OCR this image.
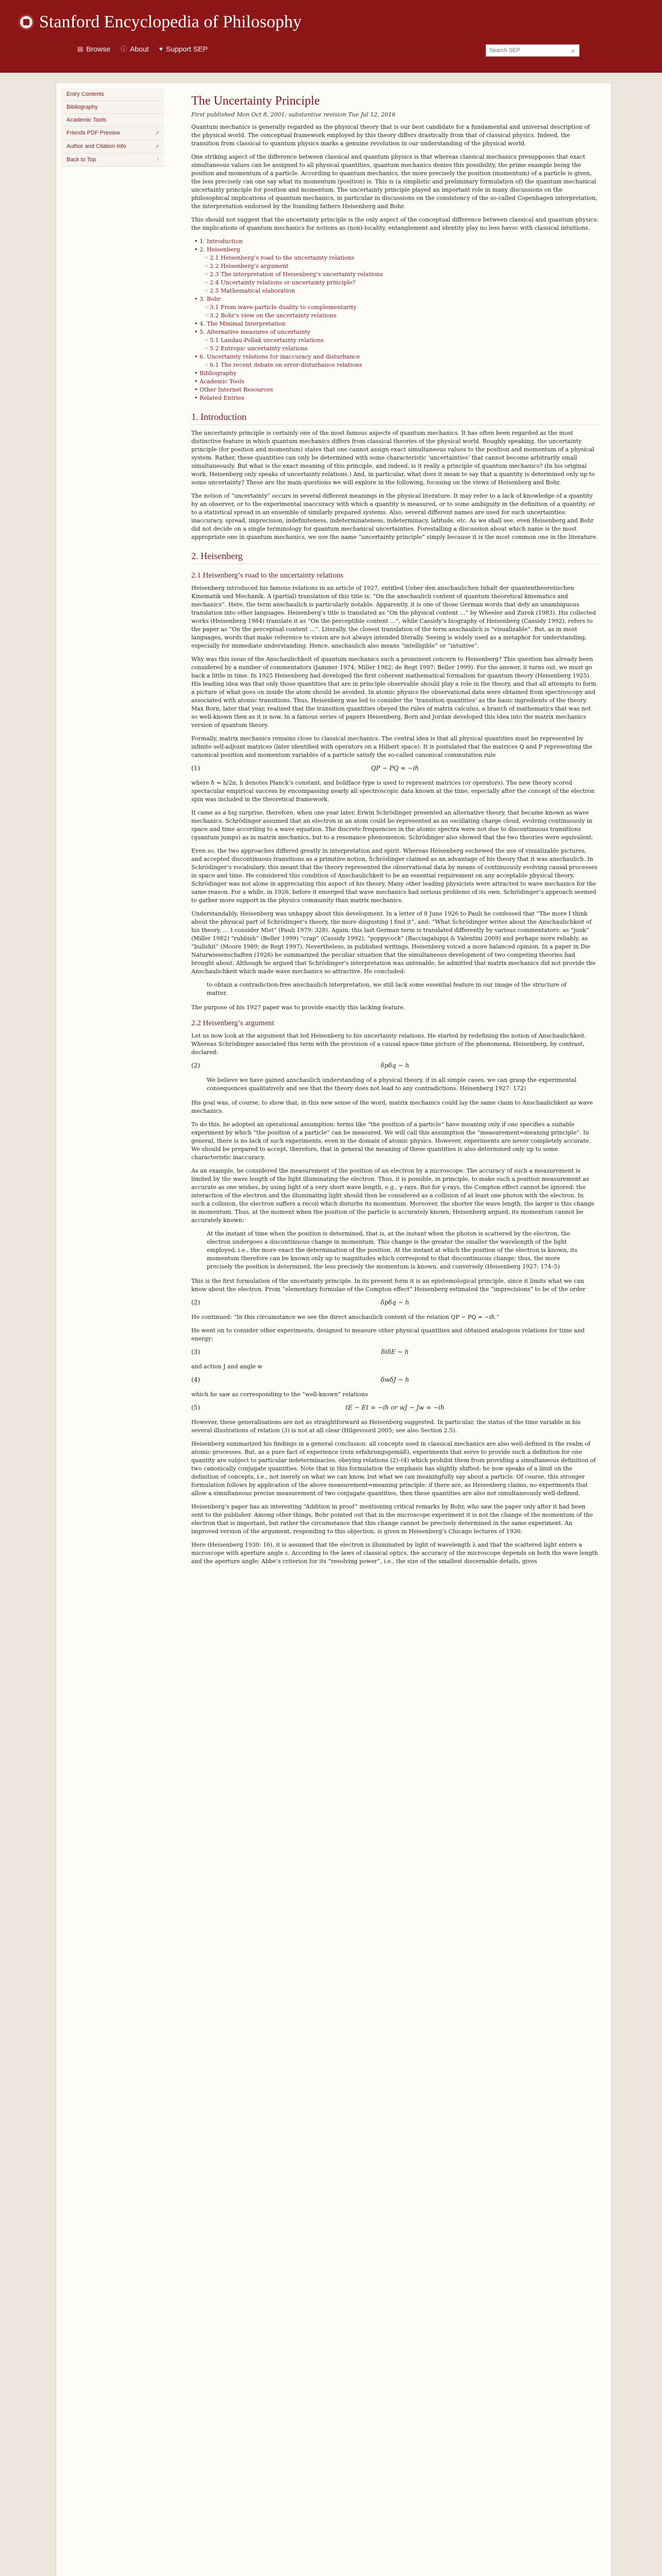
Stanford Encyclopedia of Philosophy
▤ Browse ⓘ About ♥ Support SEP
Search SEP	⌕
Entry Contents
Bibliography
Academic Tools
Friends PDF Preview	↗
Author and Citation Info	↗
Back to Top	↑
The Uncertainty Principle
First published Mon Oct 8, 2001; substantive revision Tue Jul 12, 2016

Quantum mechanics is generally regarded as the physical theory that is our best candidate for a fundamental and universal description of the physical world. The conceptual framework employed by this theory differs drastically from that of classical physics. Indeed, the transition from classical to quantum physics marks a genuine revolution in our understanding of the physical world.

One striking aspect of the difference between classical and quantum physics is that whereas classical mechanics presupposes that exact simultaneous values can be assigned to all physical quantities, quantum mechanics denies this possibility, the prime example being the position and momentum of a particle. According to quantum mechanics, the more precisely the position (momentum) of a particle is given, the less precisely can one say what its momentum (position) is. This is (a simplistic and preliminary formulation of) the quantum mechanical uncertainty principle for position and momentum. The uncertainty principle played an important role in many discussions on the philosophical implications of quantum mechanics, in particular in discussions on the consistency of the so-called Copenhagen interpretation, the interpretation endorsed by the founding fathers Heisenberg and Bohr.

This should not suggest that the uncertainty principle is the only aspect of the conceptual difference between classical and quantum physics: the implications of quantum mechanics for notions as (non)-locality, entanglement and identity play no less havoc with classical intuitions.

• 1. Introduction
• 2. Heisenberg
◦ 2.1 Heisenberg’s road to the uncertainty relations
◦ 2.2 Heisenberg’s argument
◦ 2.3 The interpretation of Heisenberg’s uncertainty relations
◦ 2.4 Uncertainty relations or uncertainty principle?
◦ 2.5 Mathematical elaboration
• 3. Bohr
◦ 3.1 From wave-particle duality to complementarity
◦ 3.2 Bohr’s view on the uncertainty relations
• 4. The Minimal Interpretation
• 5. Alternative measures of uncertainty
◦ 5.1 Landau-Pollak uncertainty relations
◦ 5.2 Entropic uncertainty relations
• 6. Uncertainty relations for inaccuracy and disturbance
◦ 6.1 The recent debate on error-disturbance relations
• Bibliography
• Academic Tools
• Other Internet Resources
• Related Entries
1. Introduction

The uncertainty principle is certainly one of the most famous aspects of quantum mechanics. It has often been regarded as the most distinctive feature in which quantum mechanics differs from classical theories of the physical world. Roughly speaking, the uncertainty principle (for position and momentum) states that one cannot assign exact simultaneous values to the position and momentum of a physical system. Rather, these quantities can only be determined with some characteristic ‘uncertainties’ that cannot become arbitrarily small simultaneously. But what is the exact meaning of this principle, and indeed, is it really a principle of quantum mechanics? (In his original work, Heisenberg only speaks of uncertainty relations.) And, in particular, what does it mean to say that a quantity is determined only up to some uncertainty? These are the main questions we will explore in the following, focusing on the views of Heisenberg and Bohr.

The notion of “uncertainty” occurs in several different meanings in the physical literature. It may refer to a lack of knowledge of a quantity by an observer, or to the experimental inaccuracy with which a quantity is measured, or to some ambiguity in the definition of a quantity, or to a statistical spread in an ensemble of similarly prepared systems. Also, several different names are used for such uncertainties: inaccuracy, spread, imprecision, indefiniteness, indeterminateness, indeterminacy, latitude, etc. As we shall see, even Heisenberg and Bohr did not decide on a single terminology for quantum mechanical uncertainties. Forestalling a discussion about which name is the most appropriate one in quantum mechanics, we use the name “uncertainty principle” simply because it is the most common one in the literature.

2. Heisenberg
2.1 Heisenberg’s road to the uncertainty relations

Heisenberg introduced his famous relations in an article of 1927, entitled Ueber den anschaulichen Inhalt der quantentheoretischen Kinematik und Mechanik. A (partial) translation of this title is: “On the anschaulich content of quantum theoretical kinematics and mechanics”. Here, the term anschaulich is particularly notable. Apparently, it is one of those German words that defy an unambiguous translation into other languages. Heisenberg’s title is translated as “On the physical content …” by Wheeler and Zurek (1983). His collected works (Heisenberg 1984) translate it as “On the perceptible content …”, while Cassidy’s biography of Heisenberg (Cassidy 1992), refers to the paper as “On the perceptual content …”. Literally, the closest translation of the term anschaulich is “visualizable”. But, as in most languages, words that make reference to vision are not always intended literally. Seeing is widely used as a metaphor for understanding, especially for immediate understanding. Hence, anschaulich also means “intelligible” or “intuitive”.

Why was this issue of the Anschaulichkeit of quantum mechanics such a prominent concern to Heisenberg? This question has already been considered by a number of commentators (Jammer 1974; Miller 1982; de Regt 1997; Beller 1999). For the answer, it turns out, we must go back a little in time. In 1925 Heisenberg had developed the first coherent mathematical formalism for quantum theory (Heisenberg 1925). His leading idea was that only those quantities that are in principle observable should play a role in the theory, and that all attempts to form a picture of what goes on inside the atom should be avoided. In atomic physics the observational data were obtained from spectroscopy and associated with atomic transitions. Thus, Heisenberg was led to consider the ‘transition quantities’ as the basic ingredients of the theory. Max Born, later that year, realized that the transition quantities obeyed the rules of matrix calculus, a branch of mathematics that was not so well-known then as it is now. In a famous series of papers Heisenberg, Born and Jordan developed this idea into the matrix mechanics version of quantum theory.

Formally, matrix mechanics remains close to classical mechanics. The central idea is that all physical quantities must be represented by infinite self-adjoint matrices (later identified with operators on a Hilbert space). It is postulated that the matrices Q and P representing the canonical position and momentum variables of a particle satisfy the so-called canonical commutation rule

(1)	QP − PQ = −iℏ

where ℏ = h/2π, h denotes Planck’s constant, and boldface type is used to represent matrices (or operators). The new theory scored spectacular empirical success by encompassing nearly all spectroscopic data known at the time, especially after the concept of the electron spin was included in the theoretical framework.

It came as a big surprise, therefore, when one year later, Erwin Schrödinger presented an alternative theory, that became known as wave mechanics. Schrödinger assumed that an electron in an atom could be represented as an oscillating charge cloud, evolving continuously in space and time according to a wave equation. The discrete frequencies in the atomic spectra were not due to discontinuous transitions (quantum jumps) as in matrix mechanics, but to a resonance phenomenon. Schrödinger also showed that the two theories were equivalent.

Even so, the two approaches differed greatly in interpretation and spirit. Whereas Heisenberg eschewed the use of visualizable pictures, and accepted discontinuous transitions as a primitive notion, Schrödinger claimed as an advantage of his theory that it was anschaulich. In Schrödinger’s vocabulary, this meant that the theory represented the observational data by means of continuously evolving causal processes in space and time. He considered this condition of Anschaulichkeit to be an essential requirement on any acceptable physical theory. Schrödinger was not alone in appreciating this aspect of his theory. Many other leading physicists were attracted to wave mechanics for the same reason. For a while, in 1926, before it emerged that wave mechanics had serious problems of its own, Schrödinger’s approach seemed to gather more support in the physics community than matrix mechanics.

Understandably, Heisenberg was unhappy about this development. In a letter of 8 June 1926 to Pauli he confessed that “The more I think about the physical part of Schrödinger’s theory, the more disgusting I find it”, and: “What Schrödinger writes about the Anschaulichkeit of his theory, … I consider Mist” (Pauli 1979: 328). Again, this last German term is translated differently by various commentators: as “junk” (Miller 1982) “rubbish” (Beller 1999) “crap” (Cassidy 1992), “poppycock” (Bacciagaluppi & Valentini 2009) and perhaps more reliably, as “bullshit” (Moore 1989; de Regt 1997). Nevertheless, in published writings, Heisenberg voiced a more balanced opinion. In a paper in Die Naturwissenschaften (1926) he summarized the peculiar situation that the simultaneous development of two competing theories had brought about. Although he argued that Schrödinger’s interpretation was untenable, he admitted that matrix mechanics did not provide the Anschaulichkeit which made wave mechanics so attractive. He concluded:

to obtain a contradiction-free anschaulich interpretation, we still lack some essential feature in our image of the structure of matter.

The purpose of his 1927 paper was to provide exactly this lacking feature.

2.2 Heisenberg’s argument

Let us now look at the argument that led Heisenberg to his uncertainty relations. He started by redefining the notion of Anschaulichkeit. Whereas Schrödinger associated this term with the provision of a causal space-time picture of the phenomena, Heisenberg, by contrast, declared:

(2)	δpδq ∼ h
We believe we have gained anschaulich understanding of a physical theory, if in all simple cases, we can grasp the experimental consequences qualitatively and see that the theory does not lead to any contradictions. Heisenberg 1927: 172)

His goal was, of course, to show that, in this new sense of the word, matrix mechanics could lay the same claim to Anschaulichkeit as wave mechanics.

To do this, he adopted an operational assumption: terms like “the position of a particle” have meaning only if one specifies a suitable experiment by which “the position of a particle” can be measured. We will call this assumption the “measurement=meaning principle”. In general, there is no lack of such experiments, even in the domain of atomic physics. However, experiments are never completely accurate. We should be prepared to accept, therefore, that in general the meaning of these quantities is also determined only up to some characteristic inaccuracy.

As an example, he considered the measurement of the position of an electron by a microscope. The accuracy of such a measurement is limited by the wave length of the light illuminating the electron. Thus, it is possible, in principle, to make such a position measurement as accurate as one wishes, by using light of a very short wave length, e.g., γ-rays. But for γ-rays, the Compton effect cannot be ignored: the interaction of the electron and the illuminating light should then be considered as a collision of at least one photon with the electron. In such a collision, the electron suffers a recoil which disturbs its momentum. Moreover, the shorter the wave length, the larger is this change in momentum. Thus, at the moment when the position of the particle is accurately known, Heisenberg argued, its momentum cannot be accurately known:

At the instant of time when the position is determined, that is, at the instant when the photon is scattered by the electron, the electron undergoes a discontinuous change in momentum. This change is the greater the smaller the wavelength of the light employed, i.e., the more exact the determination of the position. At the instant at which the position of the electron is known, its momentum therefore can be known only up to magnitudes which correspond to that discontinuous change; thus, the more precisely the position is determined, the less precisely the momentum is known, and conversely (Heisenberg 1927: 174–5)

This is the first formulation of the uncertainty principle. In its present form it is an epistemological principle, since it limits what we can know about the electron. From “elementary formulae of the Compton effect” Heisenberg estimated the “imprecisions” to be of the order

(2)	δpδq ∼ h

He continued: “In this circumstance we see the direct anschaulich content of the relation QP − PQ = −iℏ.”

He went on to consider other experiments, designed to measure other physical quantities and obtained analogous relations for time and energy:

(3)	δtδE ∼ h

and action J and angle w

(4)	δwδJ ∼ h

which he saw as corresponding to the “well-known” relations

(5)	tE − Et = −iℏ or wJ − Jw = −iℏ

However, these generalisations are not as straightforward as Heisenberg suggested. In particular, the status of the time variable in his several illustrations of relation (3) is not at all clear (Hilgevoord 2005; see also Section 2.5).

Heisenberg summarized his findings in a general conclusion: all concepts used in classical mechanics are also well-defined in the realm of atomic processes. But, as a pure fact of experience (rein erfahrungsgemäß), experiments that serve to provide such a definition for one quantity are subject to particular indeterminacies, obeying relations (2)–(4) which prohibit them from providing a simultaneous definition of two canonically conjugate quantities. Note that in this formulation the emphasis has slightly shifted: he now speaks of a limit on the definition of concepts, i.e., not merely on what we can know, but what we can meaningfully say about a particle. Of course, this stronger formulation follows by application of the above measurement=meaning principle: if there are, as Heisenberg claims, no experiments that allow a simultaneous precise measurement of two conjugate quantities, then these quantities are also not simultaneously well-defined.

Heisenberg’s paper has an interesting “Addition in proof” mentioning critical remarks by Bohr, who saw the paper only after it had been sent to the publisher. Among other things, Bohr pointed out that in the microscope experiment it is not the change of the momentum of the electron that is important, but rather the circumstance that this change cannot be precisely determined in the same experiment. An improved version of the argument, responding to this objection, is given in Heisenberg’s Chicago lectures of 1930.

Here (Heisenberg 1930: 16), it is assumed that the electron is illuminated by light of wavelength λ and that the scattered light enters a microscope with aperture angle ε. According to the laws of classical optics, the accuracy of the microscope depends on both the wave length and the aperture angle; Abbe’s criterion for its “resolving power”, i.e., the size of the smallest discernable details, gives
